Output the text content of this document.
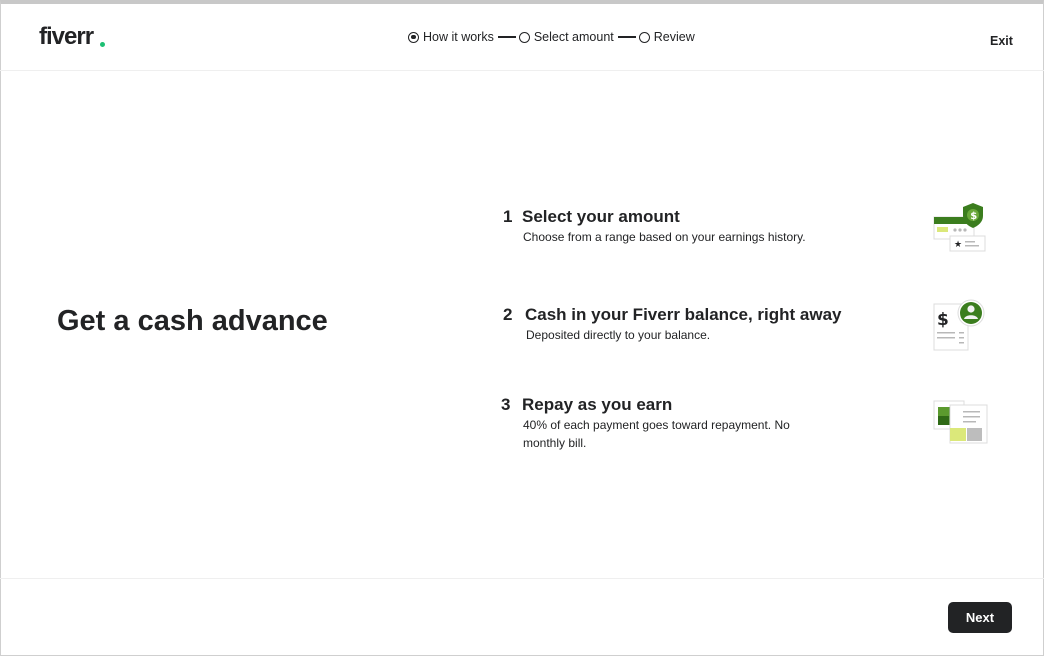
fiverr	How it works	Select amount	Review	Exit
Get a cash advance
1 Select your amount

Choose from a range based on your earnings history.

2 Cash in your Fiverr balance, right away

Deposited directly to your balance.

3 Repay as you earn

40% of each payment goes toward repayment. No monthly bill.

★
$
$
Next
